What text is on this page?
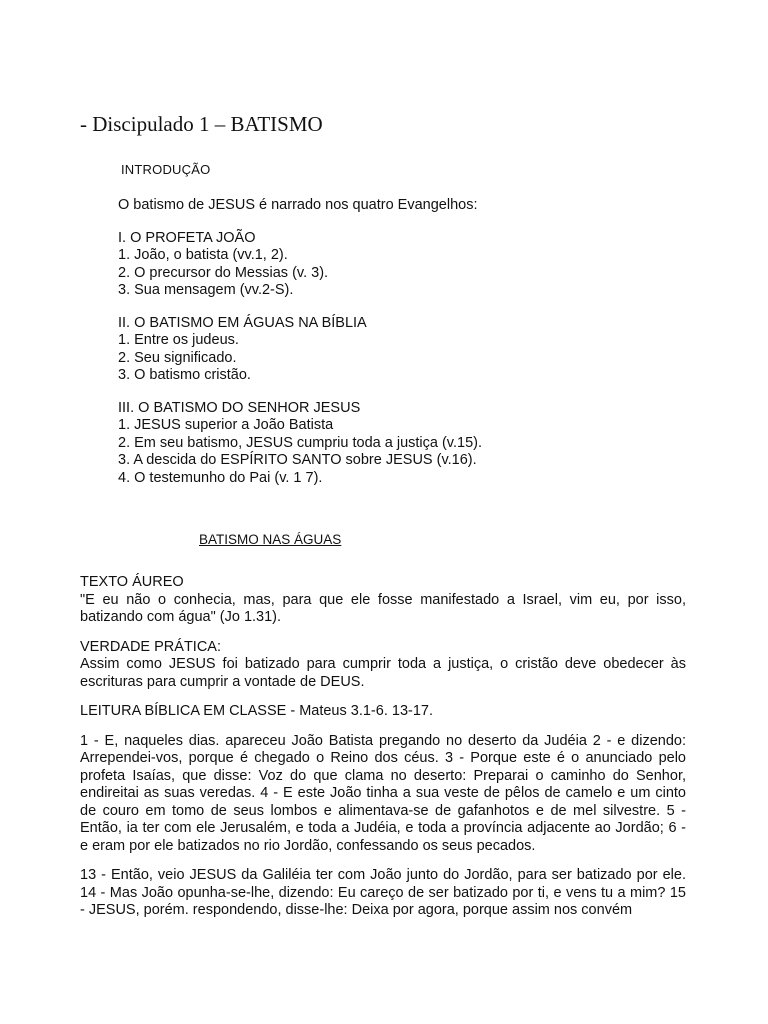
- Discipulado 1 – BATISMO
INTRODUÇÃO
O batismo de JESUS é narrado nos quatro Evangelhos:
I. O PROFETA JOÃO
1. João, o batista (vv.1, 2).
2. O precursor do Messias (v. 3).
3. Sua mensagem (vv.2-S).
II. O BATISMO EM ÁGUAS NA BÍBLIA
1. Entre os judeus.
2. Seu significado.
3. O batismo cristão.
III. O BATISMO DO SENHOR JESUS
1. JESUS superior a João Batista
2. Em seu batismo, JESUS cumpriu toda a justiça (v.15).
3. A descida do ESPÍRITO SANTO sobre JESUS (v.16).
4. O testemunho do Pai (v. 1 7).
BATISMO NAS ÁGUAS
TEXTO ÁUREO
"E eu não o conhecia, mas, para que ele fosse manifestado a Israel, vim eu, por isso, batizando com água" (Jo 1.31).
VERDADE PRÁTICA:
Assim como JESUS foi batizado para cumprir toda a justiça, o cristão deve obedecer às escrituras para cumprir a vontade de DEUS.
LEITURA BÍBLICA EM CLASSE - Mateus 3.1-6. 13-17.
1 - E, naqueles dias. apareceu João Batista pregando no deserto da Judéia 2 - e dizendo: Arrependei-vos, porque é chegado o Reino dos céus. 3 - Porque este é o anunciado pelo profeta Isaías, que disse: Voz do que clama no deserto: Preparai o caminho do Senhor, endireitai as suas veredas. 4 - E este João tinha a sua veste de pêlos de camelo e um cinto de couro em tomo de seus lombos e alimentava-se de gafanhotos e de mel silvestre. 5 - Então, ia ter com ele Jerusalém, e toda a Judéia, e toda a província adjacente ao Jordão; 6 - e eram por ele batizados no rio Jordão, confessando os seus pecados.
13 - Então, veio JESUS da Galiléia ter com João junto do Jordão, para ser batizado por ele. 14 - Mas João opunha-se-lhe, dizendo: Eu careço de ser batizado por ti, e vens tu a mim? 15 - JESUS, porém. respondendo, disse-lhe: Deixa por agora, porque assim nos convém
